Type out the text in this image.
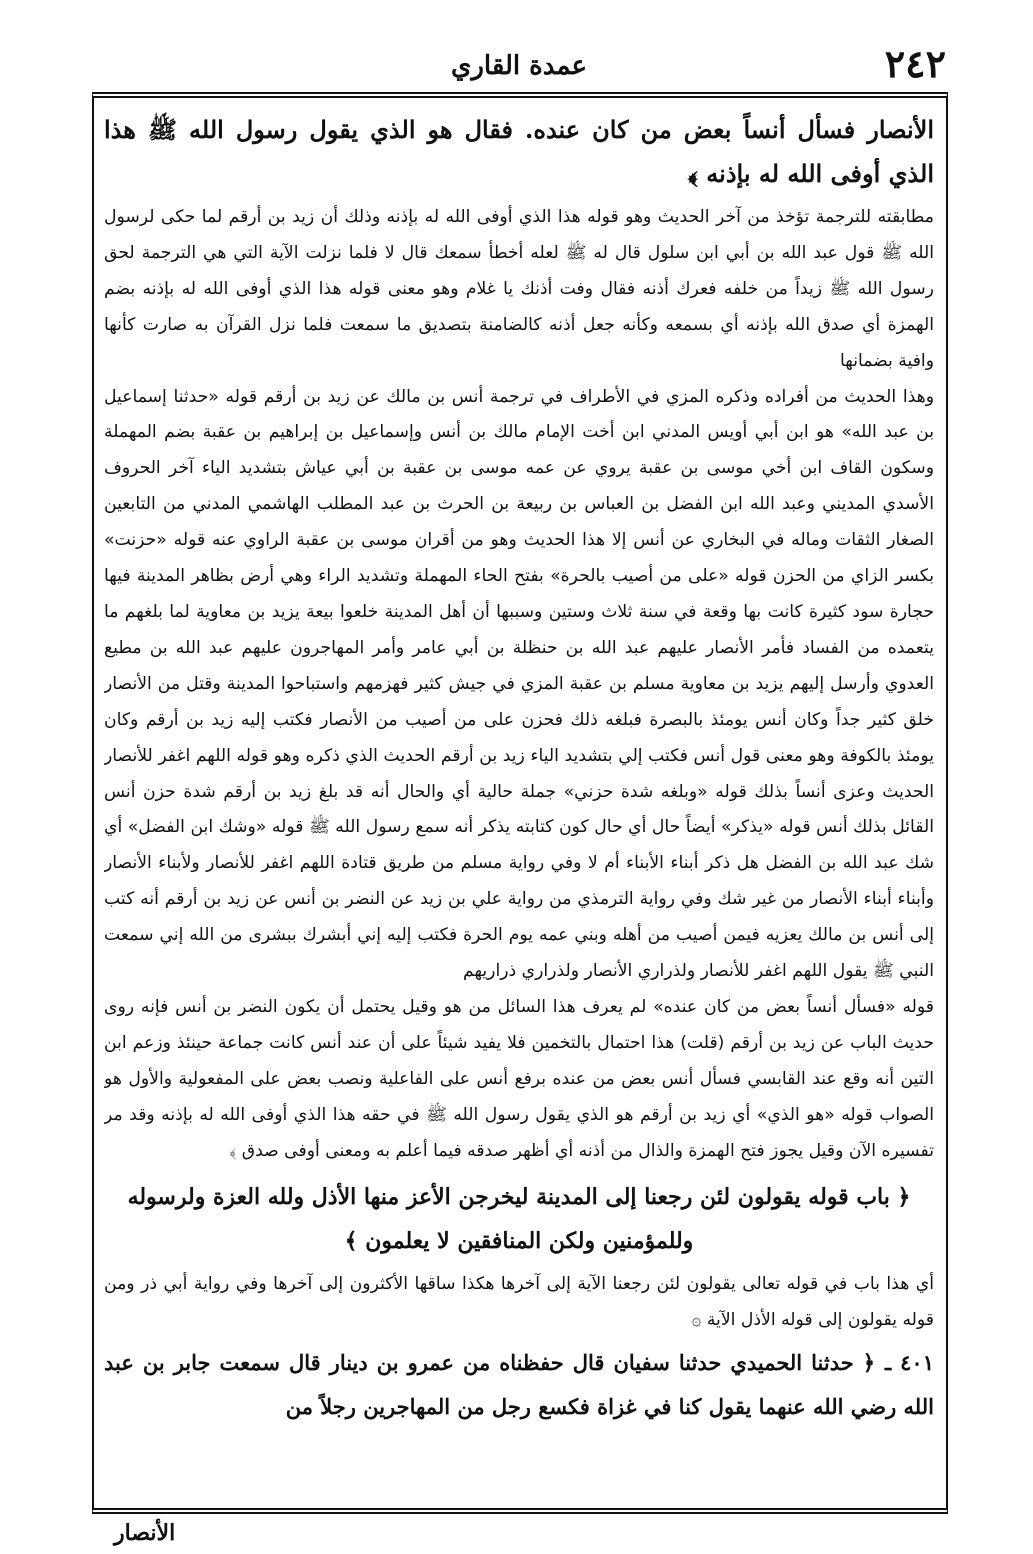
عمدة القاري	٢٤٢

الأنصار فسأل أنساً بعض من كان عنده. فقال هو الذي يقول رسول الله ﷺ هذا الذي أوفى الله له بإذنه ﴾

مطابقته للترجمة تؤخذ من آخر الحديث وهو قوله هذا الذي أوفى الله له بإذنه وذلك أن زيد بن أرقم لما حكى لرسول الله ﷺ قول عبد الله بن أبي ابن سلول قال له ﷺ لعله أخطأ سمعك قال لا فلما نزلت الآية التي هي الترجمة لحق رسول الله ﷺ زيداً من خلفه فعرك أذنه فقال وفت أذنك يا غلام وهو معنى قوله هذا الذي أوفى الله له بإذنه بضم الهمزة أي صدق الله بإذنه أي بسمعه وكأنه جعل أذنه كالضامنة بتصديق ما سمعت فلما نزل القرآن به صارت كأنها وافية بضمانها

وهذا الحديث من أفراده وذكره المزي في الأطراف في ترجمة أنس بن مالك عن زيد بن أرقم قوله «حدثنا إسماعيل بن عبد الله» هو ابن أبي أويس المدني ابن أخت الإمام مالك بن أنس وإسماعيل بن إبراهيم بن عقبة بضم المهملة وسكون القاف ابن أخي موسى بن عقبة يروي عن عمه موسى بن عقبة بن أبي عياش بتشديد الياء آخر الحروف الأسدي المديني وعبد الله ابن الفضل بن العباس بن ربيعة بن الحرث بن عبد المطلب الهاشمي المدني من التابعين الصغار الثقات وماله في البخاري عن أنس إلا هذا الحديث وهو من أقران موسى بن عقبة الراوي عنه قوله «حزنت» بكسر الزاي من الحزن قوله «على من أصيب بالحرة» بفتح الحاء المهملة وتشديد الراء وهي أرض بظاهر المدينة فيها حجارة سود كثيرة كانت بها وقعة في سنة ثلاث وستين وسببها أن أهل المدينة خلعوا بيعة يزيد بن معاوية لما بلغهم ما يتعمده من الفساد فأمر الأنصار عليهم عبد الله بن حنظلة بن أبي عامر وأمر المهاجرون عليهم عبد الله بن مطيع العدوي وأرسل إليهم يزيد بن معاوية مسلم بن عقبة المزي في جيش كثير فهزمهم واستباحوا المدينة وقتل من الأنصار خلق كثير جداً وكان أنس يومئذ بالبصرة فبلغه ذلك فحزن على من أصيب من الأنصار فكتب إليه زيد بن أرقم وكان يومئذ بالكوفة وهو معنى قول أنس فكتب إلي بتشديد الياء زيد بن أرقم الحديث الذي ذكره وهو قوله اللهم اغفر للأنصار الحديث وعزى أنساً بذلك قوله «وبلغه شدة حزني» جملة حالية أي والحال أنه قد بلغ زيد بن أرقم شدة حزن أنس القائل بذلك أنس قوله «يذكر» أيضاً حال أي حال كون كتابته يذكر أنه سمع رسول الله ﷺ قوله «وشك ابن الفضل» أي شك عبد الله بن الفضل هل ذكر أبناء الأبناء أم لا وفي رواية مسلم من طريق قتادة اللهم اغفر للأنصار ولأبناء الأنصار وأبناء أبناء الأنصار من غير شك وفي رواية الترمذي من رواية علي بن زيد عن النضر بن أنس عن زيد بن أرقم أنه كتب إلى أنس بن مالك يعزيه فيمن أصيب من أهله وبني عمه يوم الحرة فكتب إليه إني أبشرك ببشرى من الله إني سمعت النبي ﷺ يقول اللهم اغفر للأنصار ولذراري الأنصار ولذراري ذراريهم

قوله «فسأل أنساً بعض من كان عنده» لم يعرف هذا السائل من هو وقيل يحتمل أن يكون النضر بن أنس فإنه روى حديث الباب عن زيد بن أرقم (قلت) هذا احتمال بالتخمين فلا يفيد شيئاً على أن عند أنس كانت جماعة حينئذ وزعم ابن التين أنه وقع عند القابسي فسأل أنس بعض من عنده برفع أنس على الفاعلية ونصب بعض على المفعولية والأول هو الصواب قوله «هو الذي» أي زيد بن أرقم هو الذي يقول رسول الله ﷺ في حقه هذا الذي أوفى الله له بإذنه وقد مر تفسيره الآن وقيل يجوز فتح الهمزة والذال من أذنه أي أظهر صدقه فيما أعلم به ومعنى أوفى صدق ﴾

﴿ باب قوله يقولون لئن رجعنا إلى المدينة ليخرجن الأعز منها الأذل ولله العزة ولرسوله وللمؤمنين ولكن المنافقين لا يعلمون ﴾

أي هذا باب في قوله تعالى يقولون لئن رجعنا الآية إلى آخرها هكذا ساقها الأكثرون إلى آخرها وفي رواية أبي ذر ومن قوله يقولون إلى قوله الأذل الآية ۞

٤٠١ ـ﴿ حدثنا الحميدي حدثنا سفيان قال حفظناه من عمرو بن دينار قال سمعت جابر بن عبد الله رضي الله عنهما يقول كنا في غزاة فكسع رجل من المهاجرين رجلاً من

الأنصار
